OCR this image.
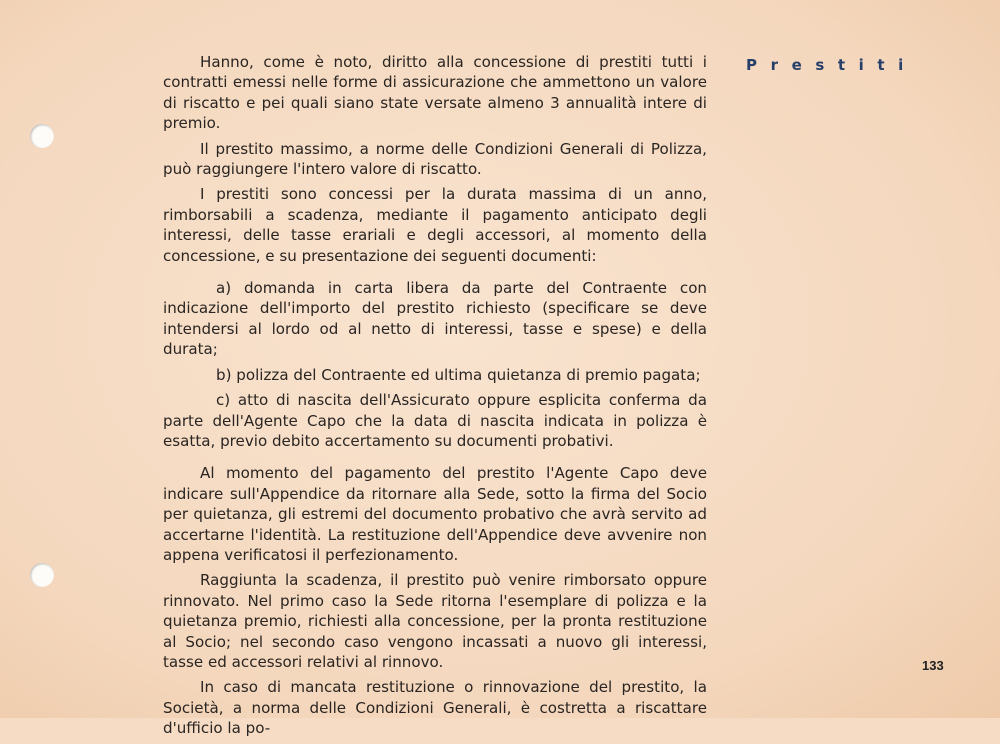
Prestiti

Hanno, come è noto, diritto alla concessione di prestiti tutti i contratti emessi nelle forme di assicurazione che ammettono un valore di riscatto e pei quali siano state versate almeno 3 annualità intere di premio.

Il prestito massimo, a norme delle Condizioni Generali di Polizza, può raggiungere l'intero valore di riscatto.

I prestiti sono concessi per la durata massima di un anno, rimborsabili a scadenza, mediante il pagamento anticipato degli interessi, delle tasse erariali e degli accessori, al momento della concessione, e su presentazione dei seguenti documenti:

a) domanda in carta libera da parte del Contraente con indicazione dell'importo del prestito richiesto (specificare se deve intendersi al lordo od al netto di interessi, tasse e spese) e della durata;

b) polizza del Contraente ed ultima quietanza di premio pagata;

c) atto di nascita dell'Assicurato oppure esplicita conferma da parte dell'Agente Capo che la data di nascita indicata in polizza è esatta, previo debito accertamento su documenti probativi.

Al momento del pagamento del prestito l'Agente Capo deve indicare sull'Appendice da ritornare alla Sede, sotto la firma del Socio per quietanza, gli estremi del documento probativo che avrà servito ad accertarne l'identità. La restituzione dell'Appendice deve avvenire non appena verificatosi il perfezionamento.

Raggiunta la scadenza, il prestito può venire rimborsato oppure rinnovato. Nel primo caso la Sede ritorna l'esemplare di polizza e la quietanza premio, richiesti alla concessione, per la pronta restituzione al Socio; nel secondo caso vengono incassati a nuovo gli interessi, tasse ed accessori relativi al rinnovo.

In caso di mancata restituzione o rinnovazione del prestito, la Società, a norma delle Condizioni Generali, è costretta a riscattare d'ufficio la po-

133
